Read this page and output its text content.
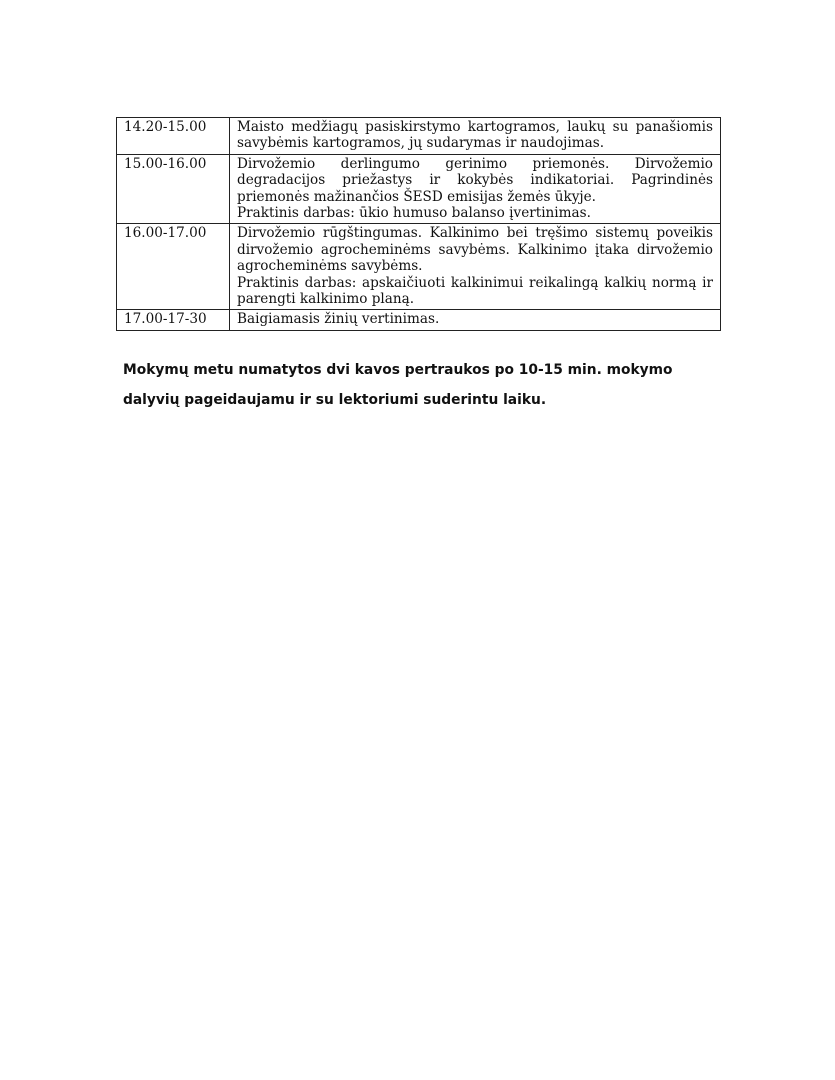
14.20-15.00	Maisto medžiagų pasiskirstymo kartogramos, laukų su panašiomis savybėmis kartogramos, jų sudarymas ir naudojimas.

15.00-16.00	Dirvožemio derlingumo gerinimo priemonės. Dirvožemio degradacijos priežastys ir kokybės indikatoriai. Pagrindinės priemonės mažinančios ŠESD emisijas žemės ūkyje.

Praktinis darbas: ūkio humuso balanso įvertinimas.

16.00-17.00	Dirvožemio rūgštingumas. Kalkinimo bei tręšimo sistemų poveikis dirvožemio agrocheminėms savybėms. Kalkinimo įtaka dirvožemio agrocheminėms savybėms.

Praktinis darbas: apskaičiuoti kalkinimui reikalingą kalkių normą ir parengti kalkinimo planą.

17.00-17-30	Baigiamasis žinių vertinimas.

Mokymų metu numatytos dvi kavos pertraukos po 10-15 min. mokymo

dalyvių pageidaujamu ir su lektoriumi suderintu laiku.
